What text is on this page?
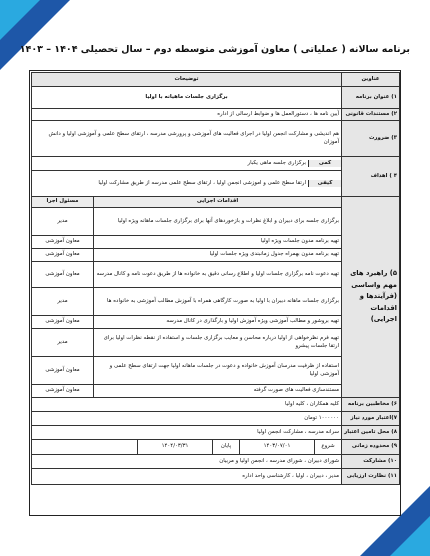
برنامه سالانه ( عملیاتی ) معاون آموزشی متوسطه دوم – سال تحصیلی ۱۴۰۴ – ۱۴۰۳
عناوین	توضیحات
۱) عنوان برنامه	برگزاری جلسات ماهیانه با اولیا
۲) مستندات قانونی	آیین نامه ها ، دستورالعمل ها و ضوابط ارسالی از اداره
۳) ضرورت	هم اندیشی و مشارکت انجمن اولیا در اجرای فعالیت های آموزشی و پرورشی مدرسه ، ارتقای سطح علمی و آموزشی اولیا و دانش آموزان
۴ ) اهداف	
کمی	برگزاری جلسه ماهی یکبار

کیفی	ارتقا سطح علمی و آموزشی انجمن اولیا ، ارتقای سطح علمی مدرسه از طریق مشارکت اولیا

۵) راهبرد های مهم واساسی (فرآیندها و اقدامات اجرایی)	اقدامات اجرایی	مسئول اجرا
برگزاری جلسه برای دبیران و ابلاغ نظرات و بازخوردهای آنها برای برگزاری جلسات ماهانه ویژه اولیا	مدیر
تهیه برنامه مدون جلسات ویژه اولیا	معاون آموزشی
تهیه برنامه مدون بهمراه جدول زمانبندی ویژه جلسات اولیا	معاون آموزشی
تهیه دعوت نامه برگزاری جلسات اولیا و اطلاع رسانی دقیق به خانواده ها از طریق دعوت نامه و کانال مدرسه	معاون آموزشی
برگزاری جلسات ماهانه دبیران با اولیا به صورت کارگاهی همراه با آموزش مطالب آموزشی به خانواده ها	مدیر
تهیه بروشور و مطالب آموزشی ویژه آموزش اولیا و بارگذاری در کانال مدرسه	معاون آموزشی
تهیه فرم نظرخواهی از اولیا درباره محاسن و معایب برگزاری جلسات و استفاده از نقطه نظرات اولیا برای ارتقا جلسات پیشرو	مدیر
استفاده از ظرفیت مدرسان آموزش خانواده و دعوت در جلسات ماهانه اولیا جهت ارتقای سطح علمی و آموزشی اولیا	معاون آموزشی
مستندسازی فعالیت های صورت گرفته	معاون آموزشی
۶) مخاطبین برنامه	کلیه همکاران ، کلیه اولیا
۷)اعتبار مورد نیاز	۱۰۰۰۰۰۰ تومان
۸) محل تامین اعتبار	سرانه مدرسه ، مشارکت انجمن اولیا
۹) محدوده زمانی	
شروع	۱۴۰۳/۰۷/۰۱	پایان	۱۴۰۴/۰۳/۳۱	

۱۰) مشارکت	شورای دبیران ، شورای مدرسه ، انجمن اولیا و مربیان
۱۱) نظارت ارزیابی	مدیر ، دبیران ، اولیا ، کارشناسی واحد اداره
